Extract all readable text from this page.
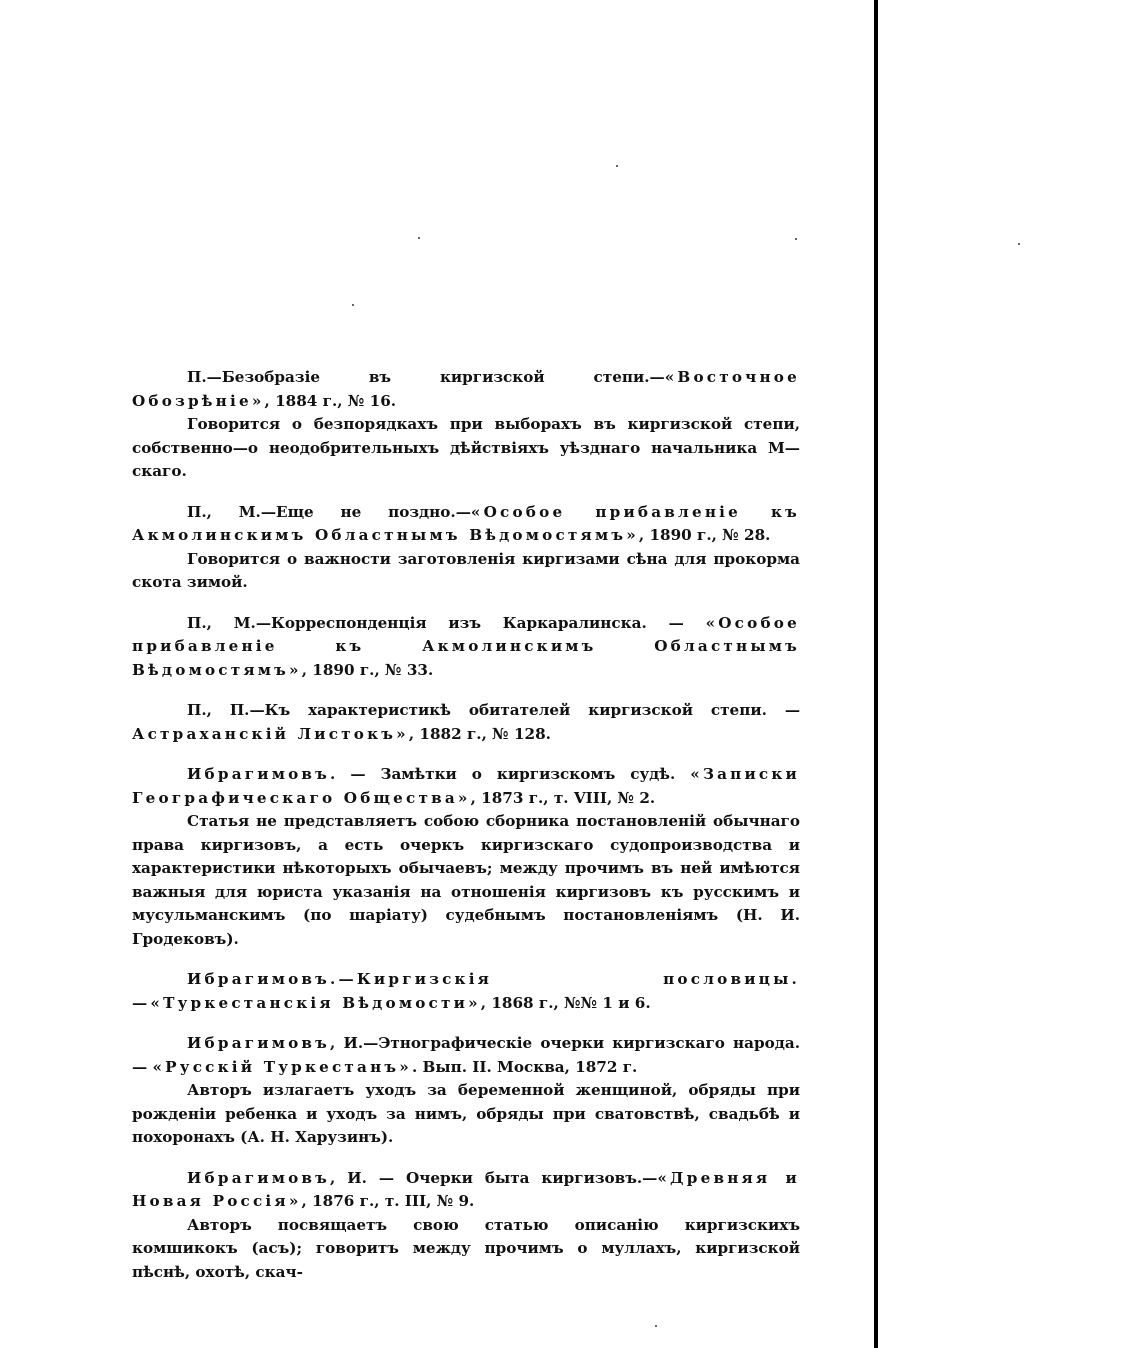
П.—Безобразіе въ киргизской степи.—«Восточное Обозрѣніе», 1884 г., № 16.

Говорится о безпорядкахъ при выборахъ въ киргизской степи, собственно—о неодобрительныхъ дѣйствіяхъ уѣзднаго начальника М—скаго.

П., М.—Еще не поздно.—«Особое прибавленіе къ Акмолинскимъ Областнымъ Вѣдомостямъ», 1890 г., № 28.

Говорится о важности заготовленія киргизами сѣна для прокорма скота зимой.

П., М.—Корреспонденція изъ Каркаралинска. — «Особое прибавленіе къ Акмолинскимъ Областнымъ Вѣдомостямъ», 1890 г., № 33.

П., П.—Къ характеристикѣ обитателей киргизской степи. — Астраханскій Листокъ», 1882 г., № 128.

Ибрагимовъ. — Замѣтки о киргизскомъ судѣ. «Записки Географическаго Общества», 1873 г., т. VIII, № 2.

Статья не представляетъ собою сборника постановленій обычнаго права киргизовъ, а есть очеркъ киргизскаго судопроизводства и характеристики нѣкоторыхъ обычаевъ; между прочимъ въ ней имѣются важныя для юриста указанія на отношенія киргизовъ къ русскимъ и мусульманскимъ (по шаріату) судебнымъ постановленіямъ (Н. И. Гродековъ).

Ибрагимовъ.—Киргизскія пословицы.—«Туркестанскія Вѣдомости», 1868 г., №№ 1 и 6.

Ибрагимовъ, И.—Этнографическіе очерки киргизскаго народа.— «Русскій Туркестанъ». Вып. II. Москва, 1872 г.

Авторъ излагаетъ уходъ за беременной женщиной, обряды при рожденіи ребенка и уходъ за нимъ, обряды при сватовствѣ, свадьбѣ и похоронахъ (А. Н. Харузинъ).

Ибрагимовъ, И. — Очерки быта киргизовъ.—«Древняя и Новая Россія», 1876 г., т. III, № 9.

Авторъ посвящаетъ свою статью описанію киргизскихъ комшикокъ (асъ); говоритъ между прочимъ о муллахъ, киргизской пѣснѣ, охотѣ, скач-
